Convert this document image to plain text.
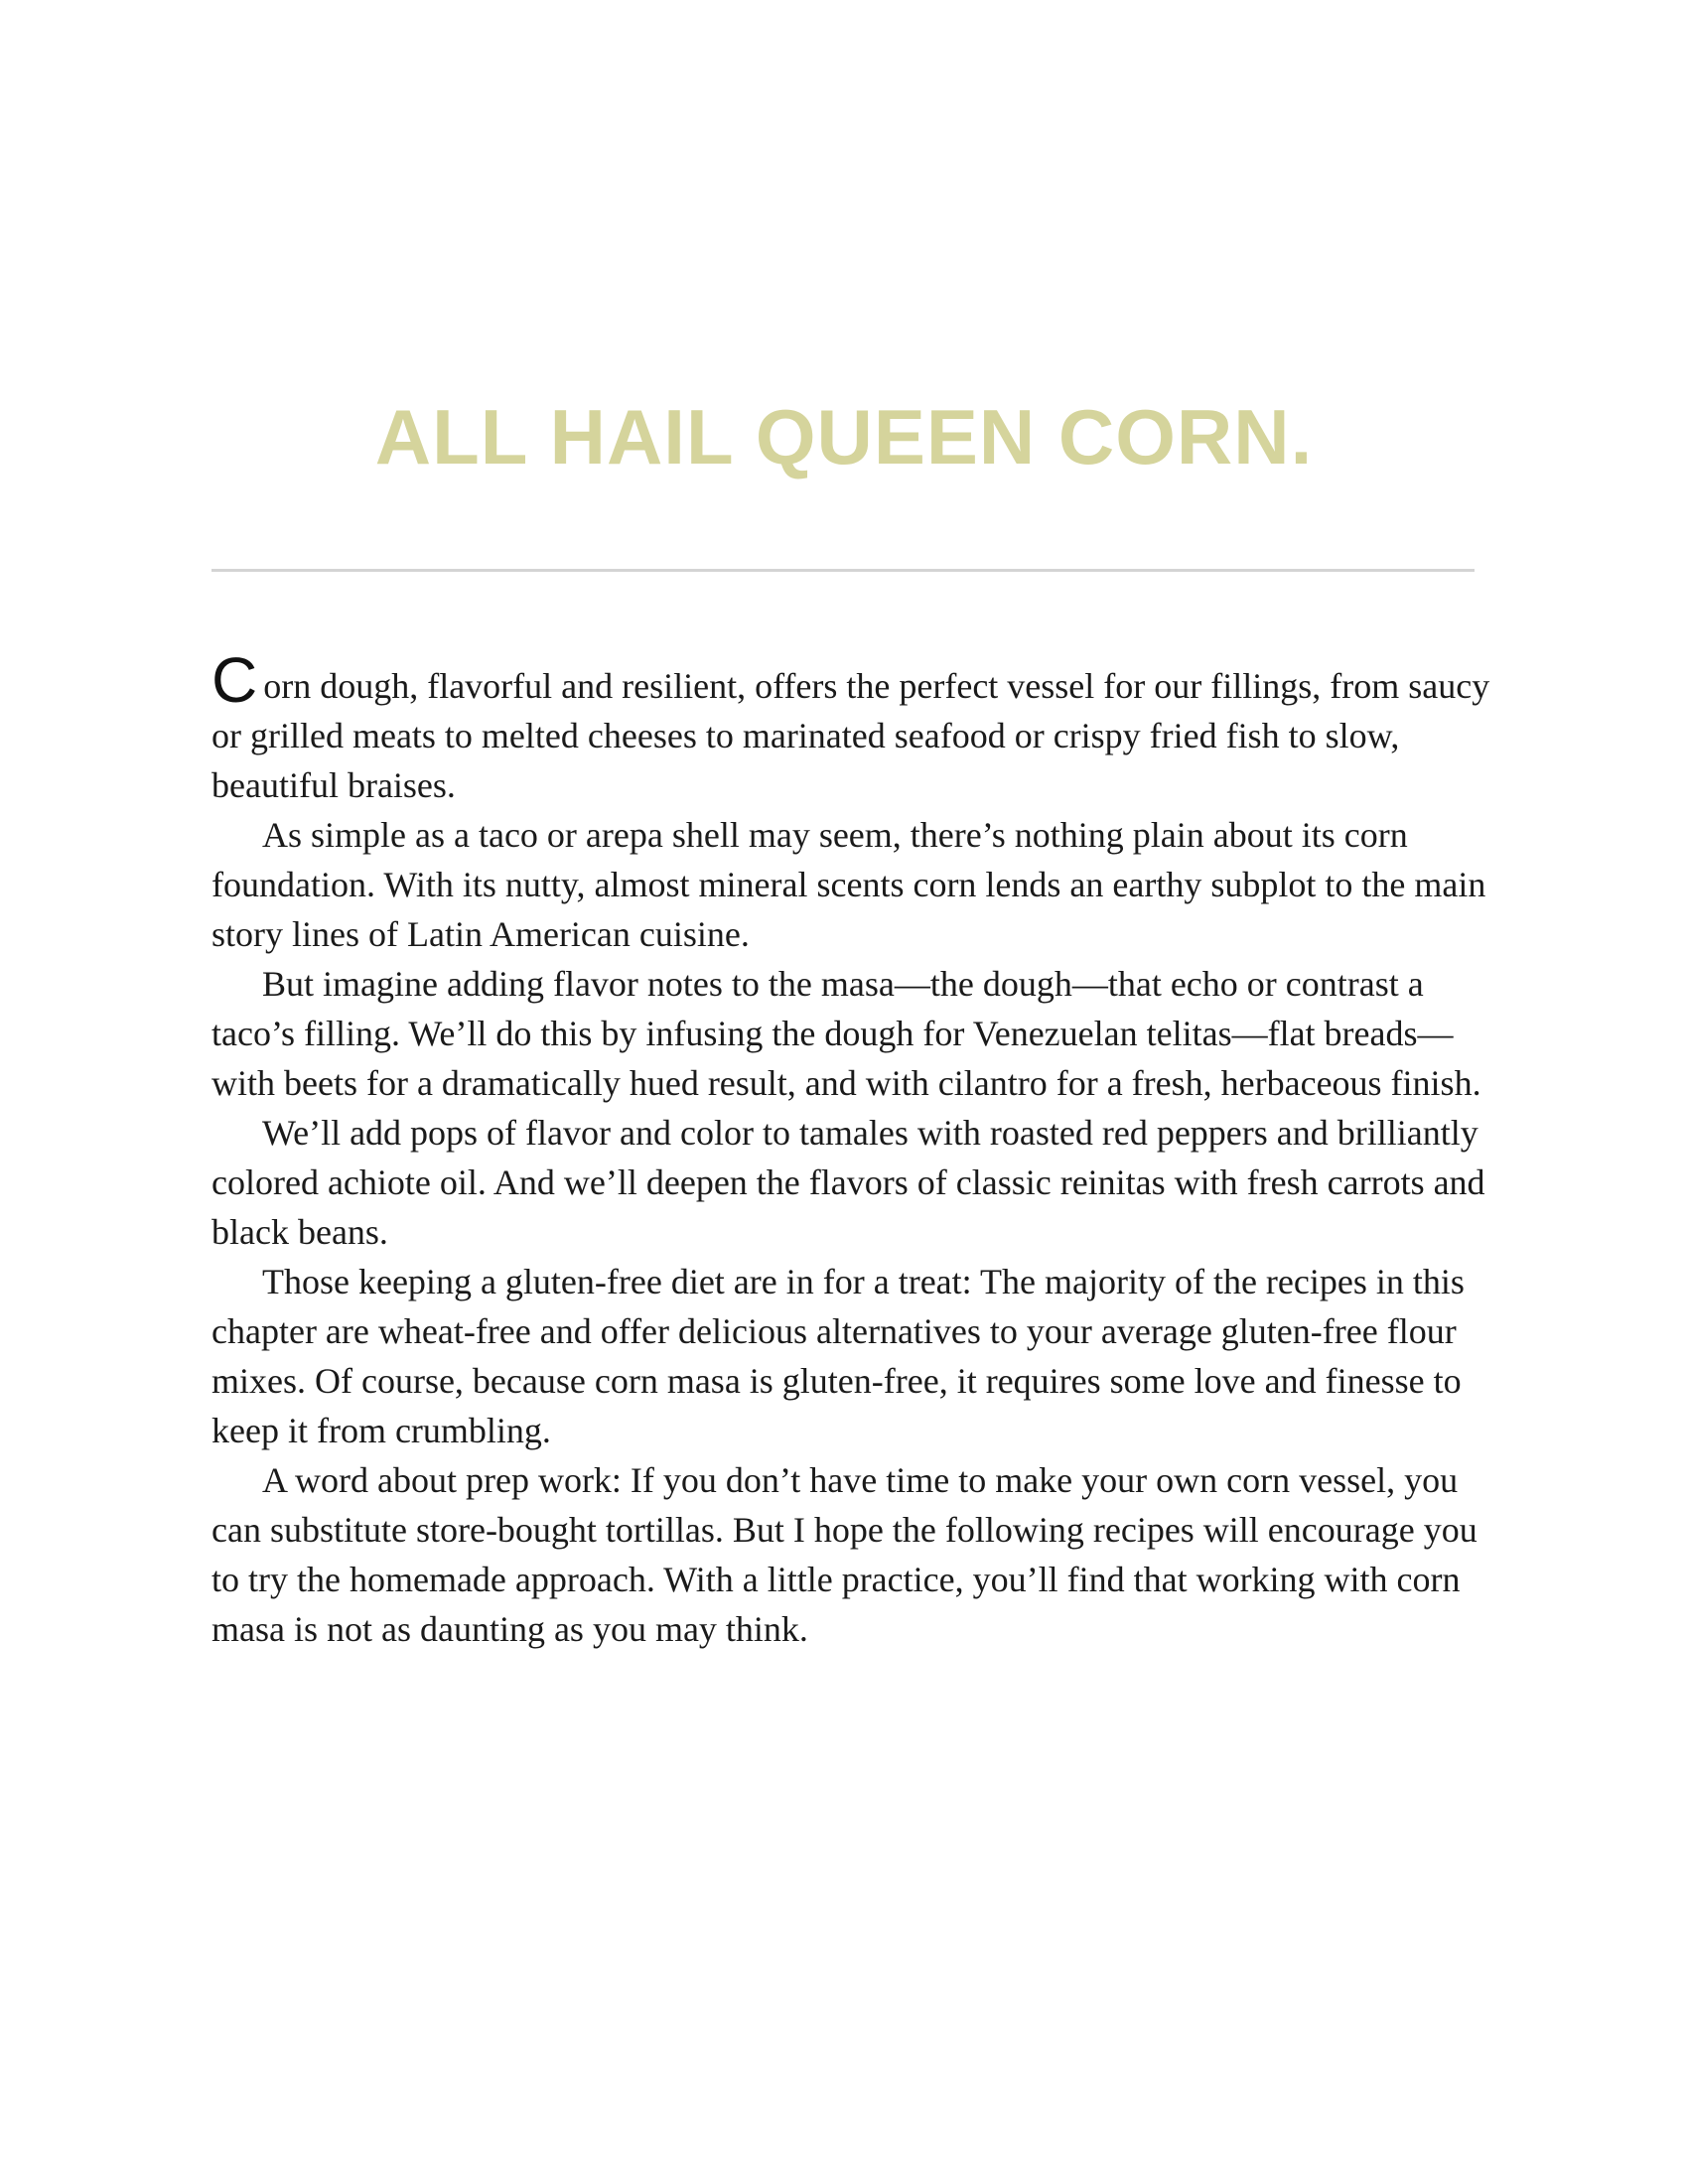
ALL HAIL QUEEN CORN.

Corn dough, flavorful and resilient, offers the perfect vessel for our fillings, from saucy or grilled meats to melted cheeses to marinated seafood or crispy fried fish to slow, beautiful braises.

As simple as a taco or arepa shell may seem, there’s nothing plain about its corn foundation. With its nutty, almost mineral scents corn lends an earthy subplot to the main story lines of Latin American cuisine.

But imagine adding flavor notes to the masa—the dough—that echo or contrast a taco’s filling. We’ll do this by infusing the dough for Venezuelan telitas—flat breads—with beets for a dramatically hued result, and with cilantro for a fresh, herbaceous finish.

We’ll add pops of flavor and color to tamales with roasted red peppers and brilliantly colored achiote oil. And we’ll deepen the flavors of classic reinitas with fresh carrots and black beans.

Those keeping a gluten-free diet are in for a treat: The majority of the recipes in this chapter are wheat-free and offer delicious alternatives to your average gluten-free flour mixes. Of course, because corn masa is gluten-free, it requires some love and finesse to keep it from crumbling.

A word about prep work: If you don’t have time to make your own corn vessel, you can substitute store-bought tortillas. But I hope the following recipes will encourage you to try the homemade approach. With a little practice, you’ll find that working with corn masa is not as daunting as you may think.
